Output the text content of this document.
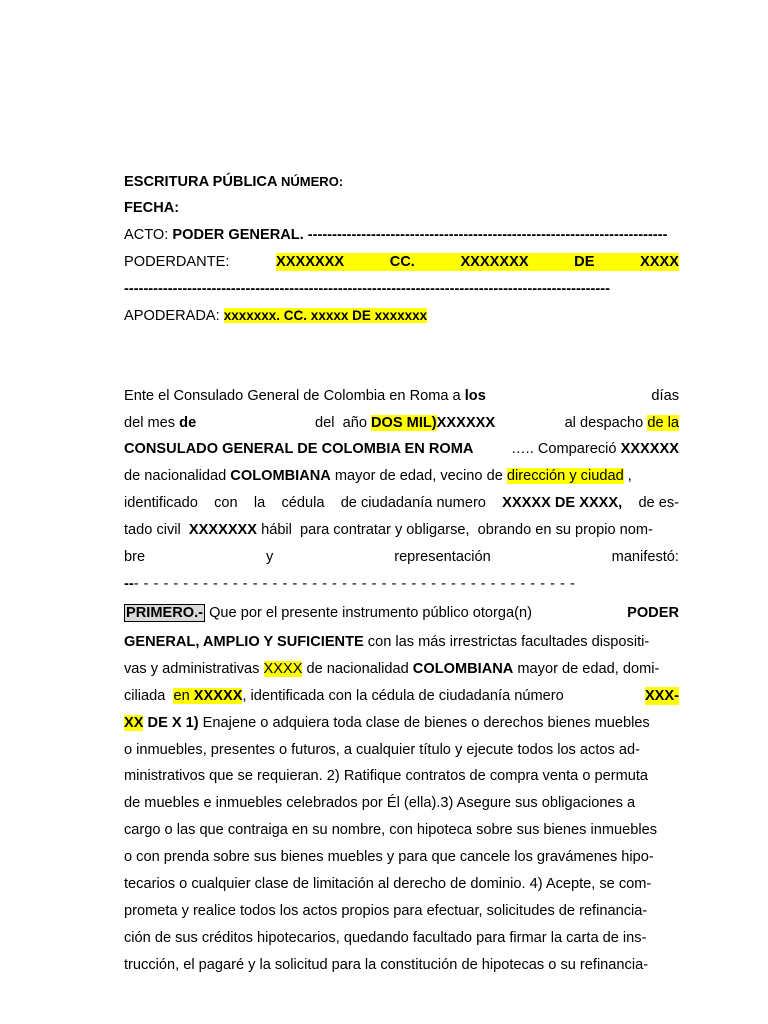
ESCRITURA PÚBLICA NÚMERO:
FECHA:
ACTO: PODER GENERAL. --------------------------------------------------------------------------
PODERDANTE:	XXXXXXX	CC.	XXXXXXX	DE	XXXX
----------------------------------------------------------------------------------------------------
APODERADA: xxxxxxx. CC. xxxxx DE xxxxxxx
Ente el Consulado General de Colombia en Roma a los	días
del mes de	del  año DOS MIL)XXXXXX	al despacho de la
CONSULADO GENERAL DE COLOMBIA EN ROMA ….. Compareció XXXXXX
de nacionalidad COLOMBIANA mayor de edad, vecino de dirección y ciudad ,
identificado con la cédula de ciudadanía numero XXXXX DE XXXX, de es-
tado civil  XXXXXXX hábil  para contratar y obligarse,  obrando en su propio nom-
bre	y	representación	manifestó:
--- - - - - - - - - - - - - - - - - - - - - - - - - - - - - - - - - - - - - - - - - - - - -
PRIMERO.- Que por el presente instrumento público otorga(n)	PODER
GENERAL, AMPLIO Y SUFICIENTE con las más irrestrictas facultades dispositi-
vas y administrativas XXXX de nacionalidad COLOMBIANA mayor de edad, domi-
ciliada  en XXXXX, identificada con la cédula de ciudadanía número	XXX-
XX DE X 1) Enajene o adquiera toda clase de bienes o derechos bienes muebles
o inmuebles, presentes o futuros, a cualquier título y ejecute todos los actos ad-
ministrativos que se requieran. 2) Ratifique contratos de compra venta o permuta
de muebles e inmuebles celebrados por Él (ella).3) Asegure sus obligaciones a
cargo o las que contraiga en su nombre, con hipoteca sobre sus bienes inmuebles
o con prenda sobre sus bienes muebles y para que cancele los gravámenes hipo-
tecarios o cualquier clase de limitación al derecho de dominio. 4) Acepte, se com-
prometa y realice todos los actos propios para efectuar, solicitudes de refinancia-
ción de sus créditos hipotecarios, quedando facultado para firmar la carta de ins-
trucción, el pagaré y la solicitud para la constitución de hipotecas o su refinancia-
